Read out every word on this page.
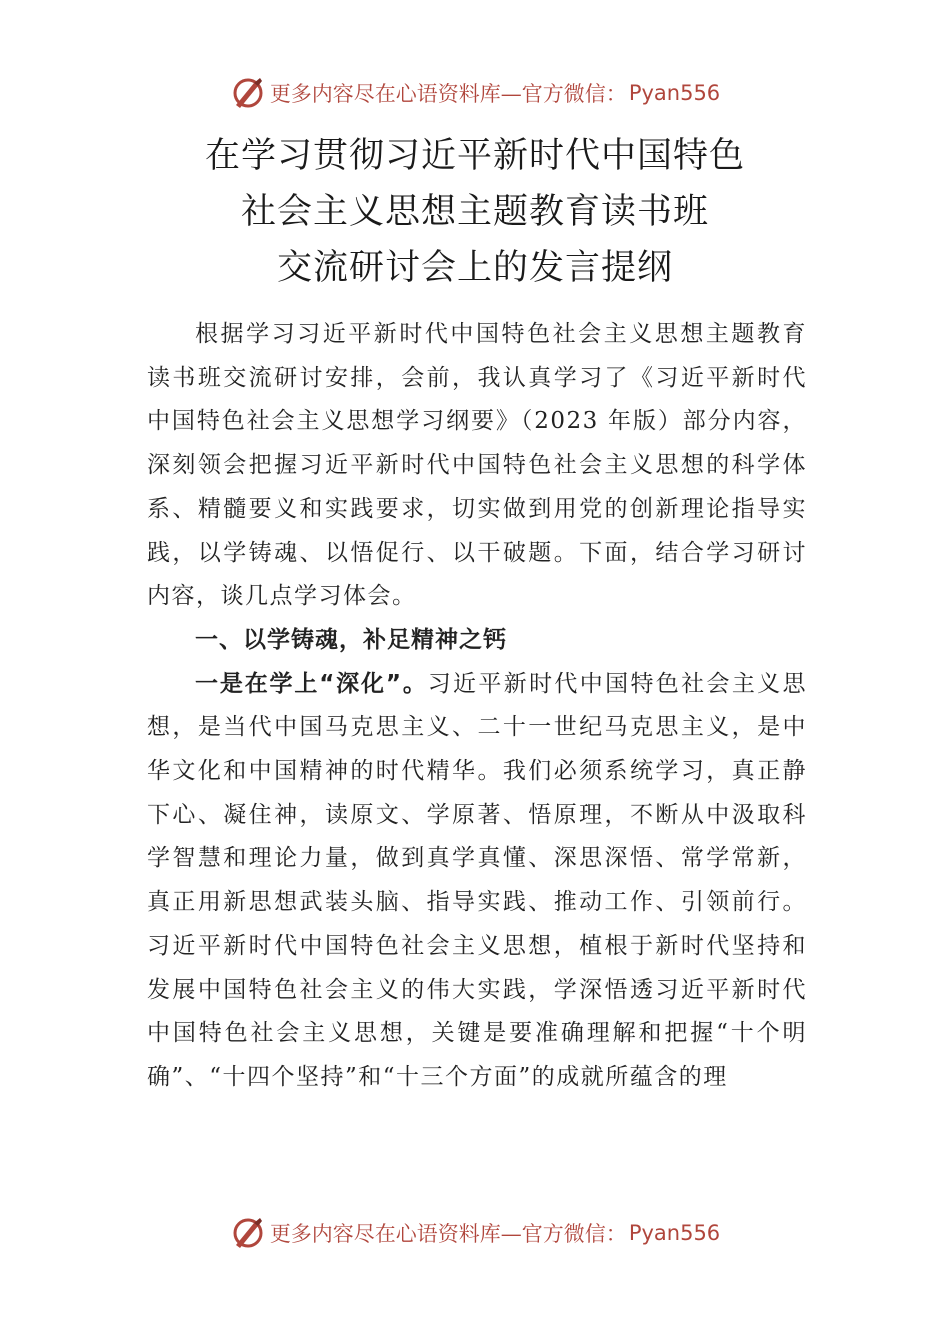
更多内容尽在心语资料库—官方微信： Pyan556
在学习贯彻习近平新时代中国特色
社会主义思想主题教育读书班
交流研讨会上的发言提纲

根据学习习近平新时代中国特色社会主义思想主题教育读书班交流研讨安排，会前，我认真学习了《习近平新时代中国特色社会主义思想学习纲要》（2023 年版）部分内容，深刻领会把握习近平新时代中国特色社会主义思想的科学体系、精髓要义和实践要求，切实做到用党的创新理论指导实践，以学铸魂、以悟促行、以干破题。下面，结合学习研讨内容，谈几点学习体会。

一、以学铸魂，补足精神之钙

一是在学上“深化”。习近平新时代中国特色社会主义思想，是当代中国马克思主义、二十一世纪马克思主义，是中华文化和中国精神的时代精华。我们必须系统学习，真正静下心、凝住神，读原文、学原著、悟原理，不断从中汲取科学智慧和理论力量，做到真学真懂、深思深悟、常学常新，真正用新思想武装头脑、指导实践、推动工作、引领前行。习近平新时代中国特色社会主义思想，植根于新时代坚持和发展中国特色社会主义的伟大实践，学深悟透习近平新时代中国特色社会主义思想，关键是要准确理解和把握“十个明确”、“十四个坚持”和“十三个方面”的成就所蕴含的理

更多内容尽在心语资料库—官方微信： Pyan556
